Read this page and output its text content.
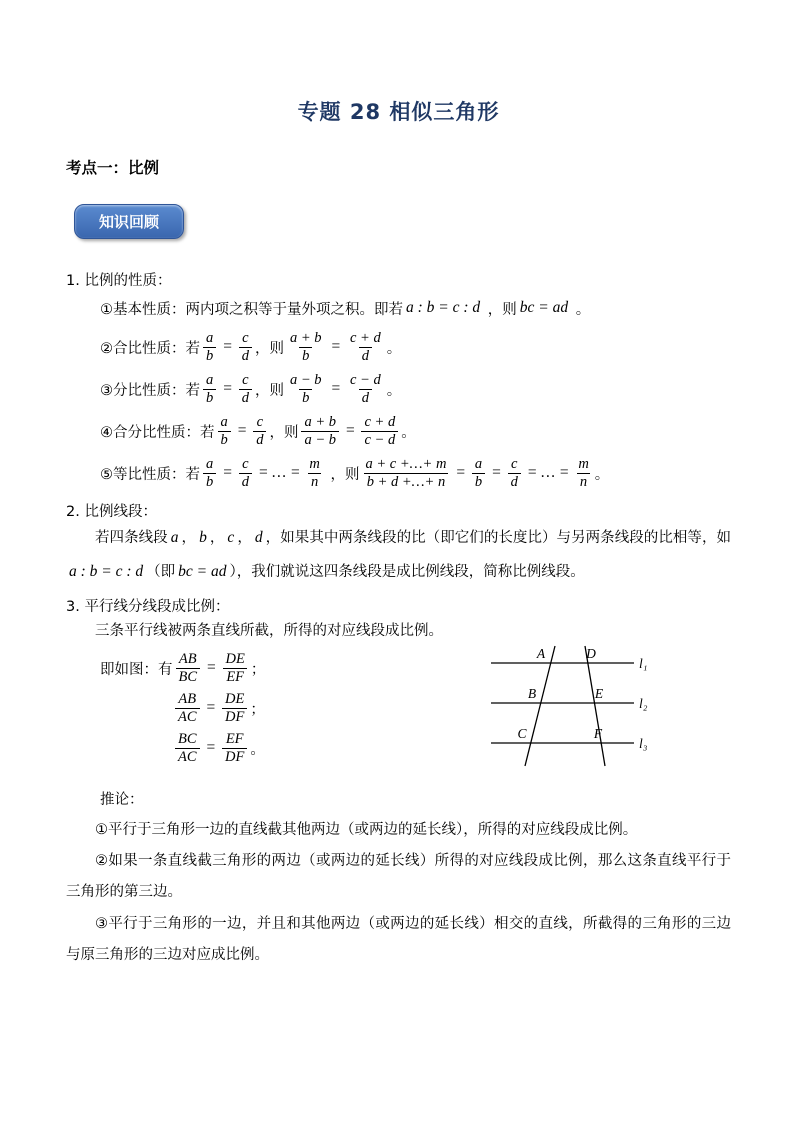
专题 28 相似三角形
考点一：比例
知识回顾

1. 比例的性质：

①基本性质：两内项之积等于量外项之积。即若 a : b = c : d ，则 bc = ad 。
②合比性质：若 $\frac{a}{b} = \frac{c}{d}$ ，则 $\frac{a + b}{b} = \frac{c + d}{d}$ 。
③分比性质：若 $\frac{a}{b} = \frac{c}{d}$ ，则 $\frac{a - b}{b} = \frac{c - d}{d}$ 。
④合分比性质：若 $\frac{a}{b} = \frac{c}{d}$ ，则 $\frac{a + b}{a - b} = \frac{c + d}{c - d}$ 。
⑤等比性质：若 $\frac{a}{b} = \frac{c}{d}$ = … = $\frac{m}{n}$ ，则 $\frac{a + c +\dots+ m}{b + d +\dots+ n} = \frac{a}{b} = \frac{c}{d}$ = … = $\frac{m}{n}$ 。

2. 比例线段：

若四条线段 a ， b ， c ， d ，如果其中两条线段的比（即它们的长度比）与另两条线段的比相等，如a : b = c : d （即 bc = ad ），我们就说这四条线段是成比例线段，简称比例线段。

3. 平行线分线段成比例：

三条平行线被两条直线所截，所得的对应线段成比例。

即如图：有 $\frac{AB}{BC} = \frac{DE}{EF}$ ；
$\frac{AB}{AC} = \frac{DE}{DF}$ ；
$\frac{BC}{AC} = \frac{EF}{DF}$ 。
A	D
B	E
C	F
l₁
l₂
l₃

推论：

①平行于三角形一边的直线截其他两边（或两边的延长线），所得的对应线段成比例。

②如果一条直线截三角形的两边（或两边的延长线）所得的对应线段成比例，那么这条直线平行于三角形的第三边。

③平行于三角形的一边，并且和其他两边（或两边的延长线）相交的直线，所截得的三角形的三边与原三角形的三边对应成比例。
